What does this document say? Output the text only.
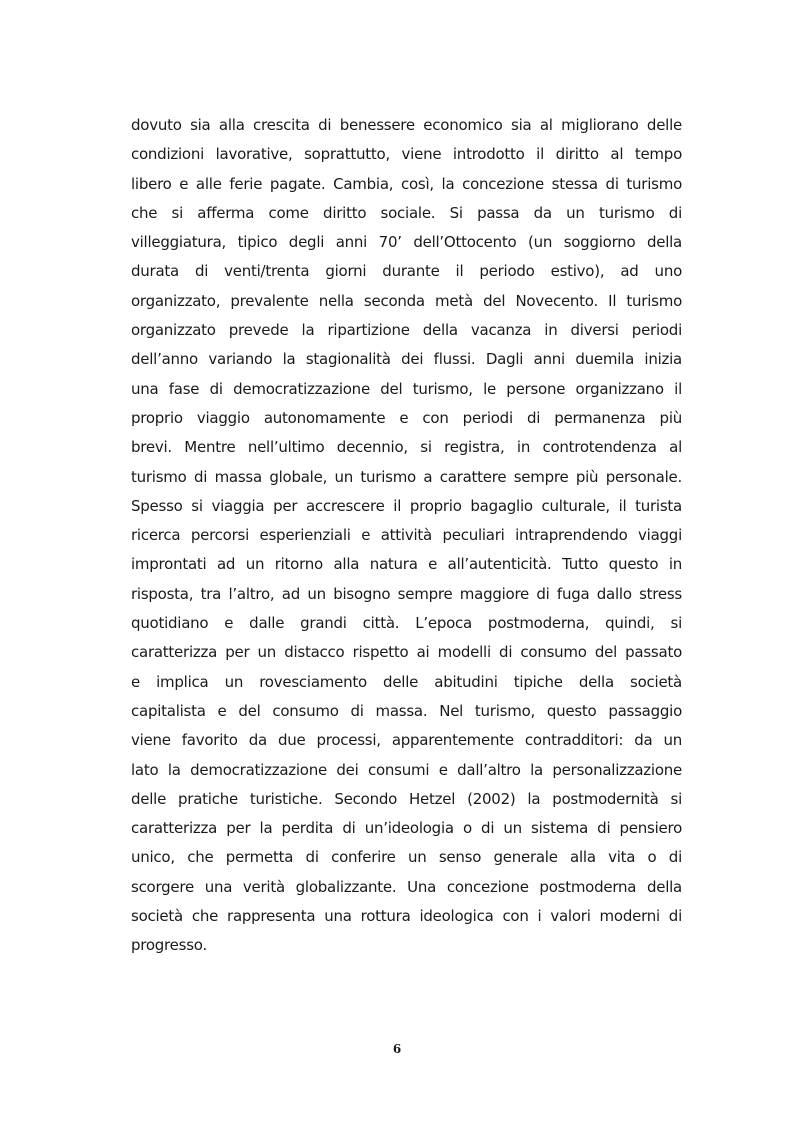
dovuto sia alla crescita di benessere economico sia al migliorano delle
condizioni lavorative, soprattutto, viene introdotto il diritto al tempo
libero e alle ferie pagate. Cambia, così, la concezione stessa di turismo
che si afferma come diritto sociale. Si passa da un turismo di
villeggiatura, tipico degli anni 70’ dell’Ottocento (un soggiorno della
durata di venti/trenta giorni durante il periodo estivo), ad uno
organizzato, prevalente nella seconda metà del Novecento. Il turismo
organizzato prevede la ripartizione della vacanza in diversi periodi
dell’anno variando la stagionalità dei flussi. Dagli anni duemila inizia
una fase di democratizzazione del turismo, le persone organizzano il
proprio viaggio autonomamente e con periodi di permanenza più
brevi. Mentre nell’ultimo decennio, si registra, in controtendenza al
turismo di massa globale, un turismo a carattere sempre più personale.
Spesso si viaggia per accrescere il proprio bagaglio culturale, il turista
ricerca percorsi esperienziali e attività peculiari intraprendendo viaggi
improntati ad un ritorno alla natura e all’autenticità. Tutto questo in
risposta, tra l’altro, ad un bisogno sempre maggiore di fuga dallo stress
quotidiano e dalle grandi città. L’epoca postmoderna, quindi, si
caratterizza per un distacco rispetto ai modelli di consumo del passato
e implica un rovesciamento delle abitudini tipiche della società
capitalista e del consumo di massa. Nel turismo, questo passaggio
viene favorito da due processi, apparentemente contradditori: da un
lato la democratizzazione dei consumi e dall’altro la personalizzazione
delle pratiche turistiche. Secondo Hetzel (2002) la postmodernità si
caratterizza per la perdita di un’ideologia o di un sistema di pensiero
unico, che permetta di conferire un senso generale alla vita o di
scorgere una verità globalizzante. Una concezione postmoderna della
società che rappresenta una rottura ideologica con i valori moderni di
progresso.
6
